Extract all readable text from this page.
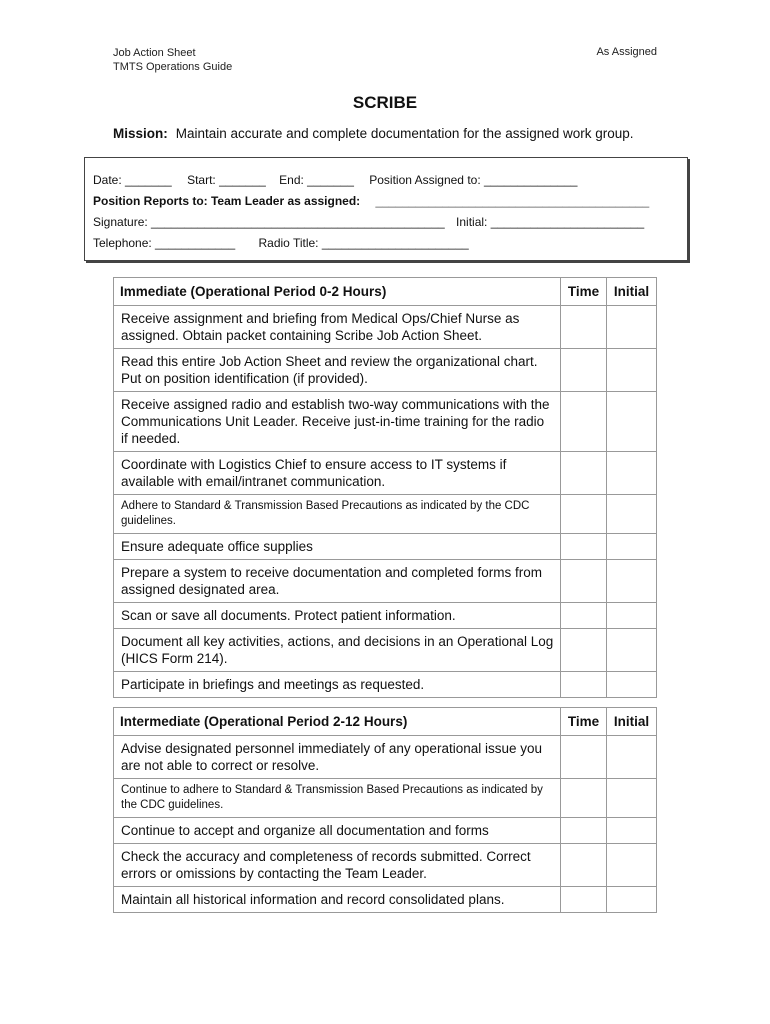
Job Action Sheet
TMTS Operations Guide
As Assigned
SCRIBE
Mission: Maintain accurate and complete documentation for the assigned work group.
Date: _______ Start: _______ End: _______ Position Assigned to: ______________
Position Reports to: Team Leader as assigned: _________________________________________
Signature: ____________________________________________ Initial: _______________________
Telephone: ____________ Radio Title: ______________________
Immediate (Operational Period 0-2 Hours)	Time	Initial
Receive assignment and briefing from Medical Ops/Chief Nurse as assigned. Obtain packet containing Scribe Job Action Sheet.		
Read this entire Job Action Sheet and review the organizational chart. Put on position identification (if provided).		
Receive assigned radio and establish two-way communications with the Communications Unit Leader. Receive just-in-time training for the radio if needed.		
Coordinate with Logistics Chief to ensure access to IT systems if available with email/intranet communication.		
Adhere to Standard & Transmission Based Precautions as indicated by the CDC guidelines.		
Ensure adequate office supplies		
Prepare a system to receive documentation and completed forms from assigned designated area.		
Scan or save all documents. Protect patient information.		
Document all key activities, actions, and decisions in an Operational Log (HICS Form 214).		
Participate in briefings and meetings as requested.		
Intermediate (Operational Period 2-12 Hours)	Time	Initial
Advise designated personnel immediately of any operational issue you are not able to correct or resolve.		
Continue to adhere to Standard & Transmission Based Precautions as indicated by the CDC guidelines.		
Continue to accept and organize all documentation and forms		
Check the accuracy and completeness of records submitted. Correct errors or omissions by contacting the Team Leader.		
Maintain all historical information and record consolidated plans.		
